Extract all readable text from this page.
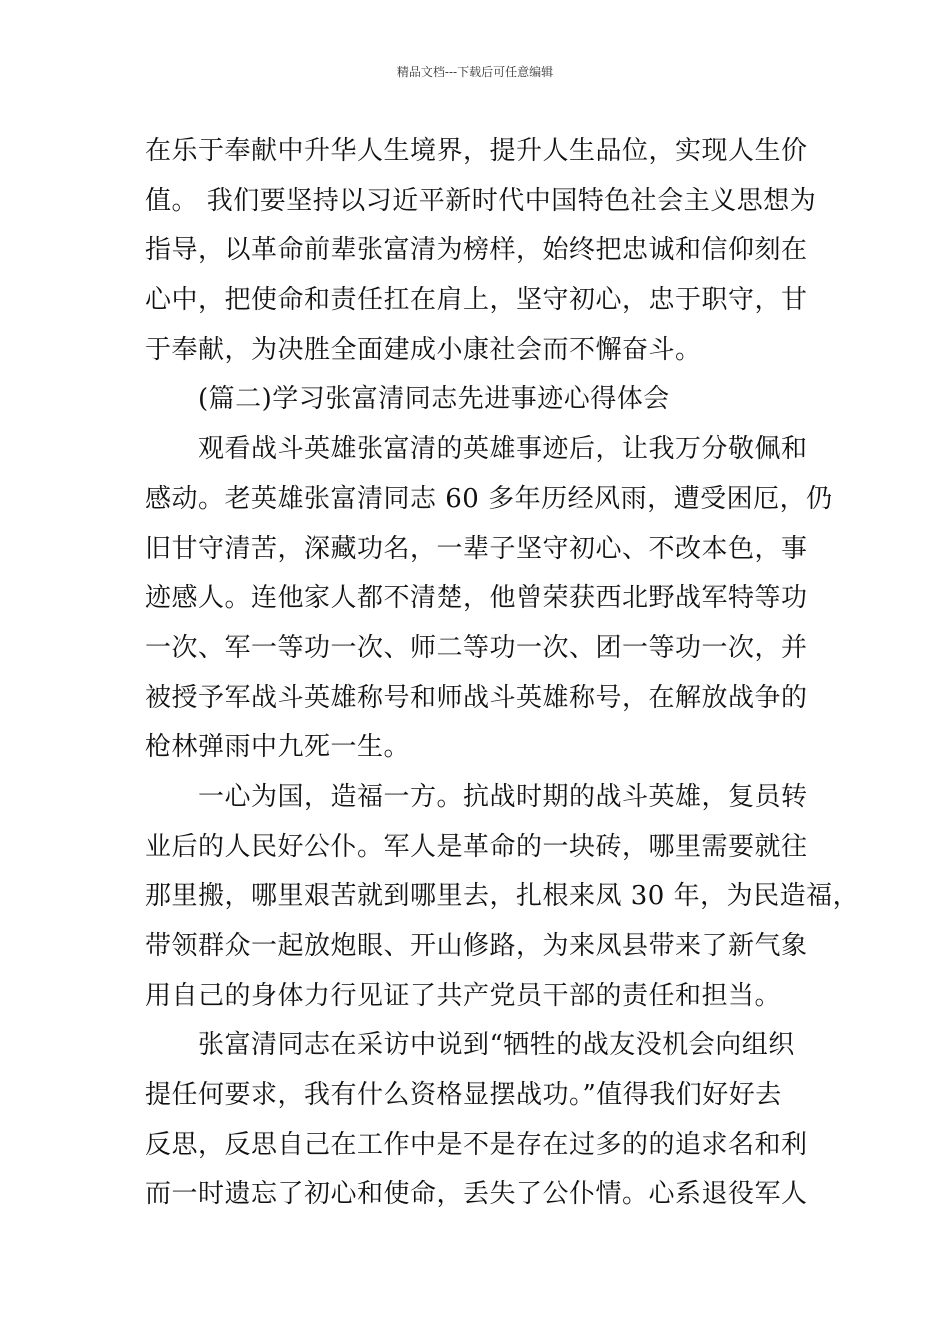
精品文档---下载后可任意编辑
在乐于奉献中升华人生境界，提升人生品位，实现人生价
值。 我们要坚持以习近平新时代中国特色社会主义思想为
指导，以革命前辈张富清为榜样，始终把忠诚和信仰刻在
心中，把使命和责任扛在肩上，坚守初心，忠于职守，甘
于奉献，为决胜全面建成小康社会而不懈奋斗。
(篇二)学习张富清同志先进事迹心得体会
观看战斗英雄张富清的英雄事迹后，让我万分敬佩和
感动。老英雄张富清同志 60 多年历经风雨，遭受困厄，仍
旧甘守清苦，深藏功名，一辈子坚守初心、不改本色，事
迹感人。连他家人都不清楚，他曾荣获西北野战军特等功
一次、军一等功一次、师二等功一次、团一等功一次，并
被授予军战斗英雄称号和师战斗英雄称号，在解放战争的
枪林弹雨中九死一生。
一心为国，造福一方。抗战时期的战斗英雄，复员转
业后的人民好公仆。军人是革命的一块砖，哪里需要就往
那里搬，哪里艰苦就到哪里去，扎根来凤 30 年，为民造福，
带领群众一起放炮眼、开山修路，为来凤县带来了新气象
用自己的身体力行见证了共产党员干部的责任和担当。
张富清同志在采访中说到“牺牲的战友没机会向组织
提任何要求，我有什么资格显摆战功。”值得我们好好去
反思，反思自己在工作中是不是存在过多的的追求名和利
而一时遗忘了初心和使命，丢失了公仆情。心系退役军人
